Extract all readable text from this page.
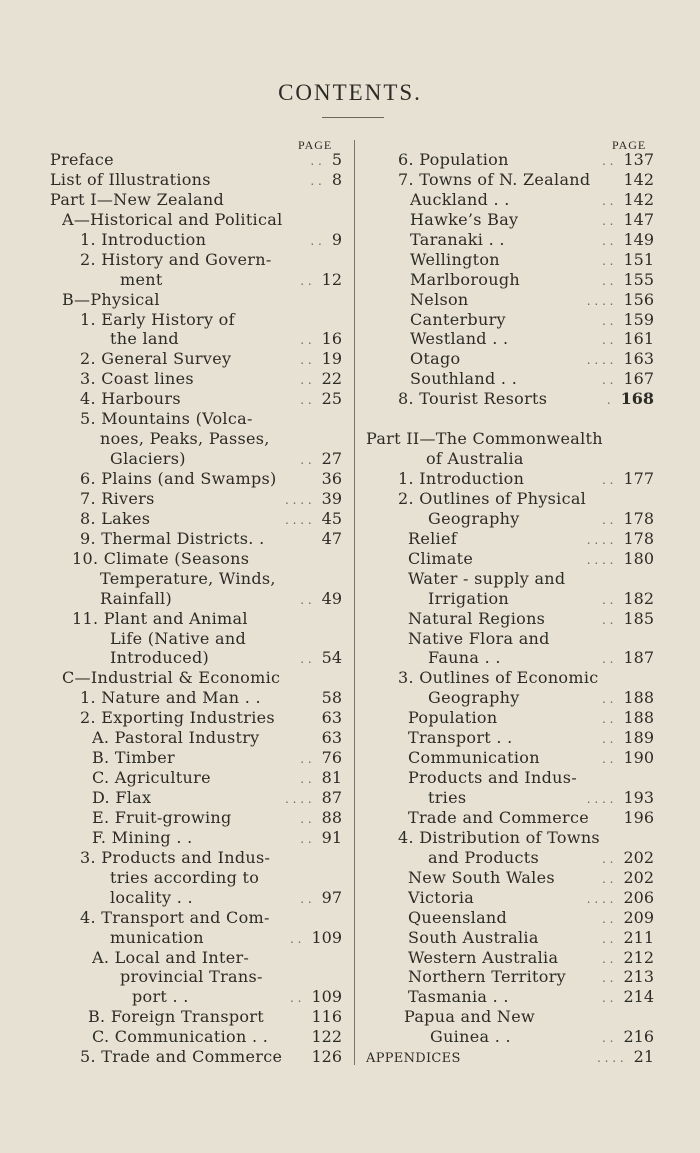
CONTENTS.
PAGE	PAGE
Preface	. . 5
List of Illustrations	. . 8
Part I—New Zealand
A—Historical and Political
1. Introduction	. . 9
2. History and Govern-
ment	. . 12
B—Physical
1. Early History of
the land	. . 16
2. General Survey	. . 19
3. Coast lines	. . 22
4. Harbours	. . 25
5. Mountains (Volca-
noes, Peaks, Passes,
Glaciers)	. . 27
6. Plains (and Swamps)	36
7. Rivers	. . . . 39
8. Lakes	. . . . 45
9. Thermal Districts. .	47
10. Climate (Seasons
Temperature, Winds,
Rainfall)	. . 49
11. Plant and Animal
Life (Native and
Introduced)	. . 54
C—Industrial & Economic
1. Nature and Man . .	58
2. Exporting Industries	63
A. Pastoral Industry	63
B. Timber	. . 76
C. Agriculture	. . 81
D. Flax	. . . . 87
E. Fruit-growing	. . 88
F. Mining . .	. . 91
3. Products and Indus-
tries according to
locality . .	. . 97
4. Transport and Com-
munication	. . 109
A. Local and Inter-
provincial Trans-
port . .	. . 109
B. Foreign Transport	116
C. Communication . .	122
5. Trade and Commerce	126
6. Population	. . 137
7. Towns of N. Zealand	142
Auckland . .	. . 142
Hawke’s Bay	. . 147
Taranaki . .	. . 149
Wellington	. . 151
Marlborough	. . 155
Nelson	. . . . 156
Canterbury	. . 159
Westland . .	. . 161
Otago	. . . . 163
Southland . .	. . 167
8. Tourist Resorts	. 168
Part II—The Commonwealth
of Australia
1. Introduction	. . 177
2. Outlines of Physical
Geography	. . 178
Relief	. . . . 178
Climate	. . . . 180
Water - supply and
Irrigation	. . 182
Natural Regions	. . 185
Native Flora and
Fauna . .	. . 187
3. Outlines of Economic
Geography	. . 188
Population	. . 188
Transport . .	. . 189
Communication	. . 190
Products and Indus-
tries	. . . . 193
Trade and Commerce	196
4. Distribution of Towns
and Products	. . 202
New South Wales	. . 202
Victoria	. . . . 206
Queensland	. . 209
South Australia	. . 211
Western Australia	. . 212
Northern Territory	. . 213
Tasmania . .	. . 214
Papua and New
Guinea . .	. . 216
APPENDICES	. . . . 21
